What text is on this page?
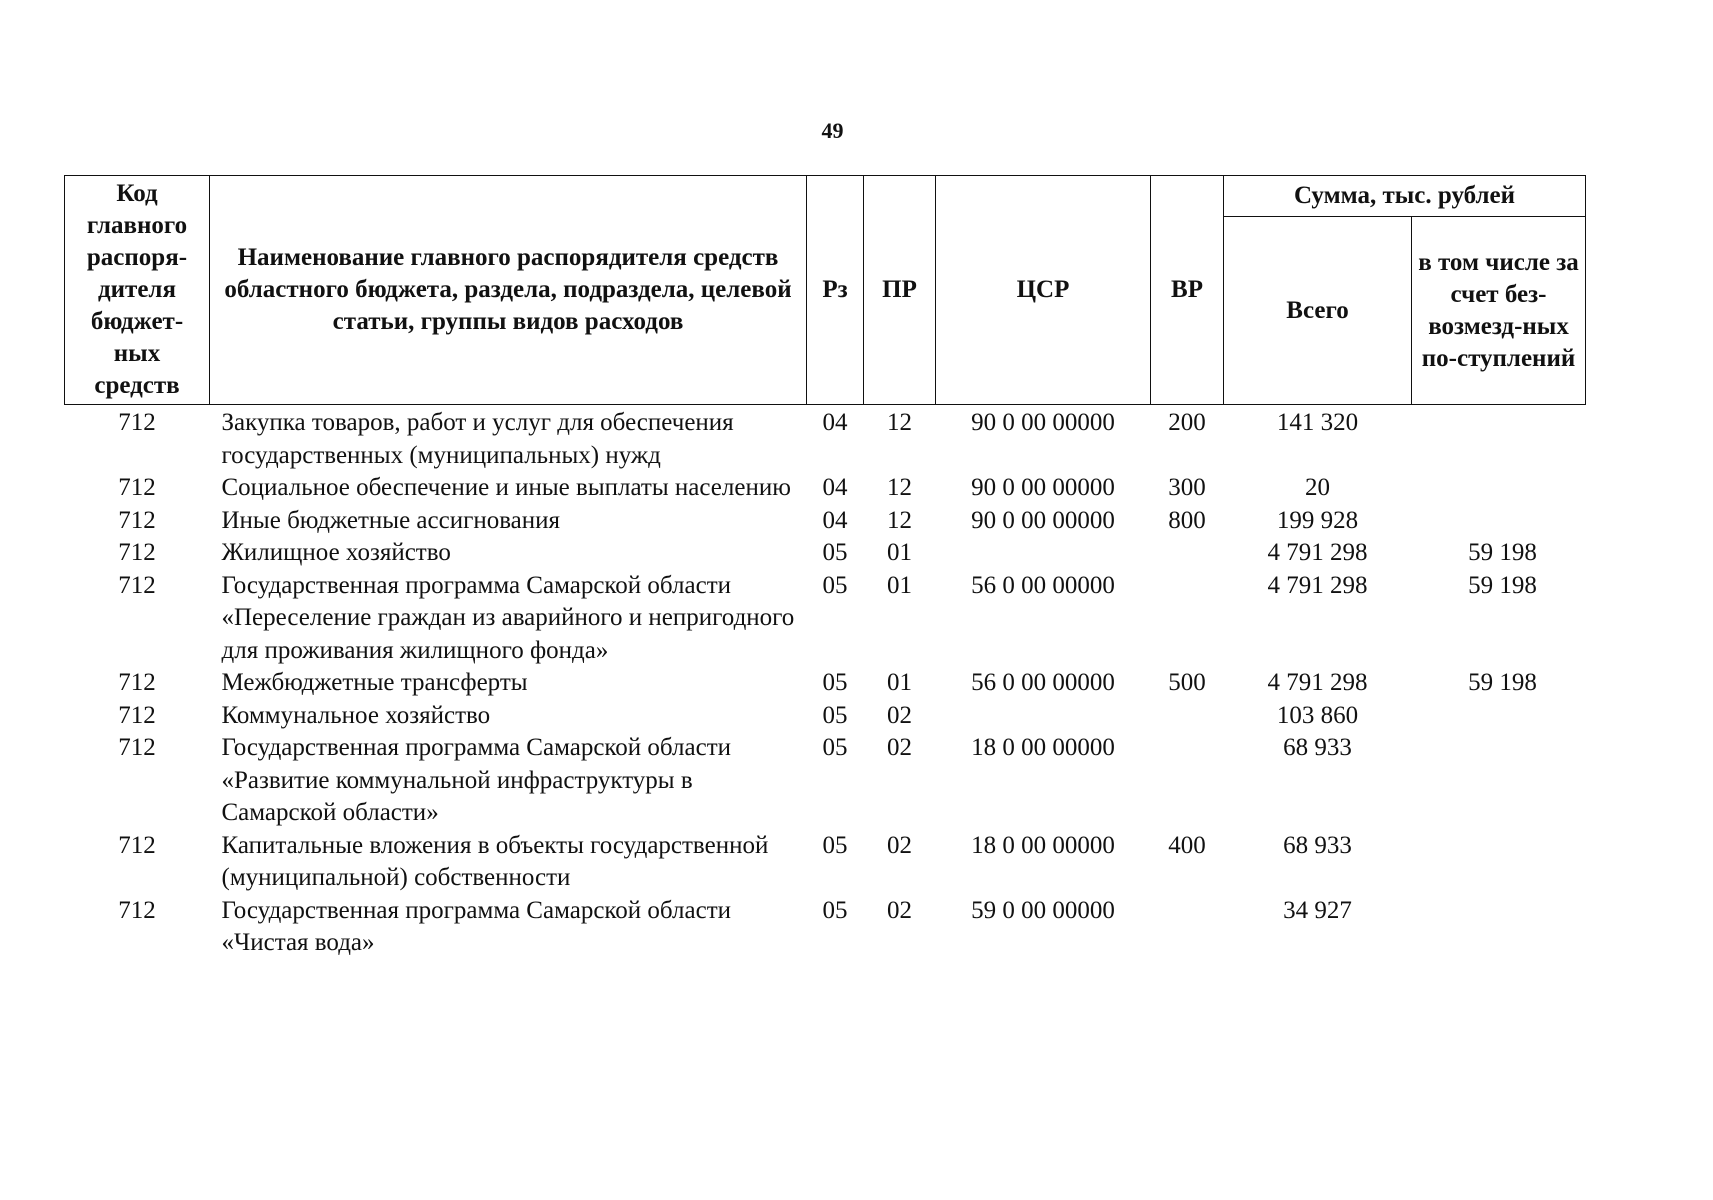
49
Код главного распоря-дителя бюджет-ных средств	Наименование главного распорядителя средств областного бюджета, раздела, подраздела, целевой статьи, группы видов расходов	Рз	ПР	ЦСР	ВР	Сумма, тыс. рублей	
						Всего	в том числе за счет без-возмезд-ных по-ступлений
712	Закупка товаров, работ и услуг для обеспечения государственных (муниципальных) нужд	04	12	90 0 00 00000	200	141 320	
712	Социальное обеспечение и иные выплаты населению	04	12	90 0 00 00000	300	20	
712	Иные бюджетные ассигнования	04	12	90 0 00 00000	800	199 928	
712	Жилищное хозяйство	05	01			4 791 298	59 198
712	Государственная программа Самарской области «Переселение граждан из аварийного и непригодного для проживания жилищного фонда»	05	01	56 0 00 00000		4 791 298	59 198
712	Межбюджетные трансферты	05	01	56 0 00 00000	500	4 791 298	59 198
712	Коммунальное хозяйство	05	02			103 860	
712	Государственная программа Самарской области «Развитие коммунальной инфраструктуры в Самарской области»	05	02	18 0 00 00000		68 933	
712	Капитальные вложения в объекты государственной (муниципальной) собственности	05	02	18 0 00 00000	400	68 933	
712	Государственная программа Самарской области «Чистая вода»	05	02	59 0 00 00000		34 927	
